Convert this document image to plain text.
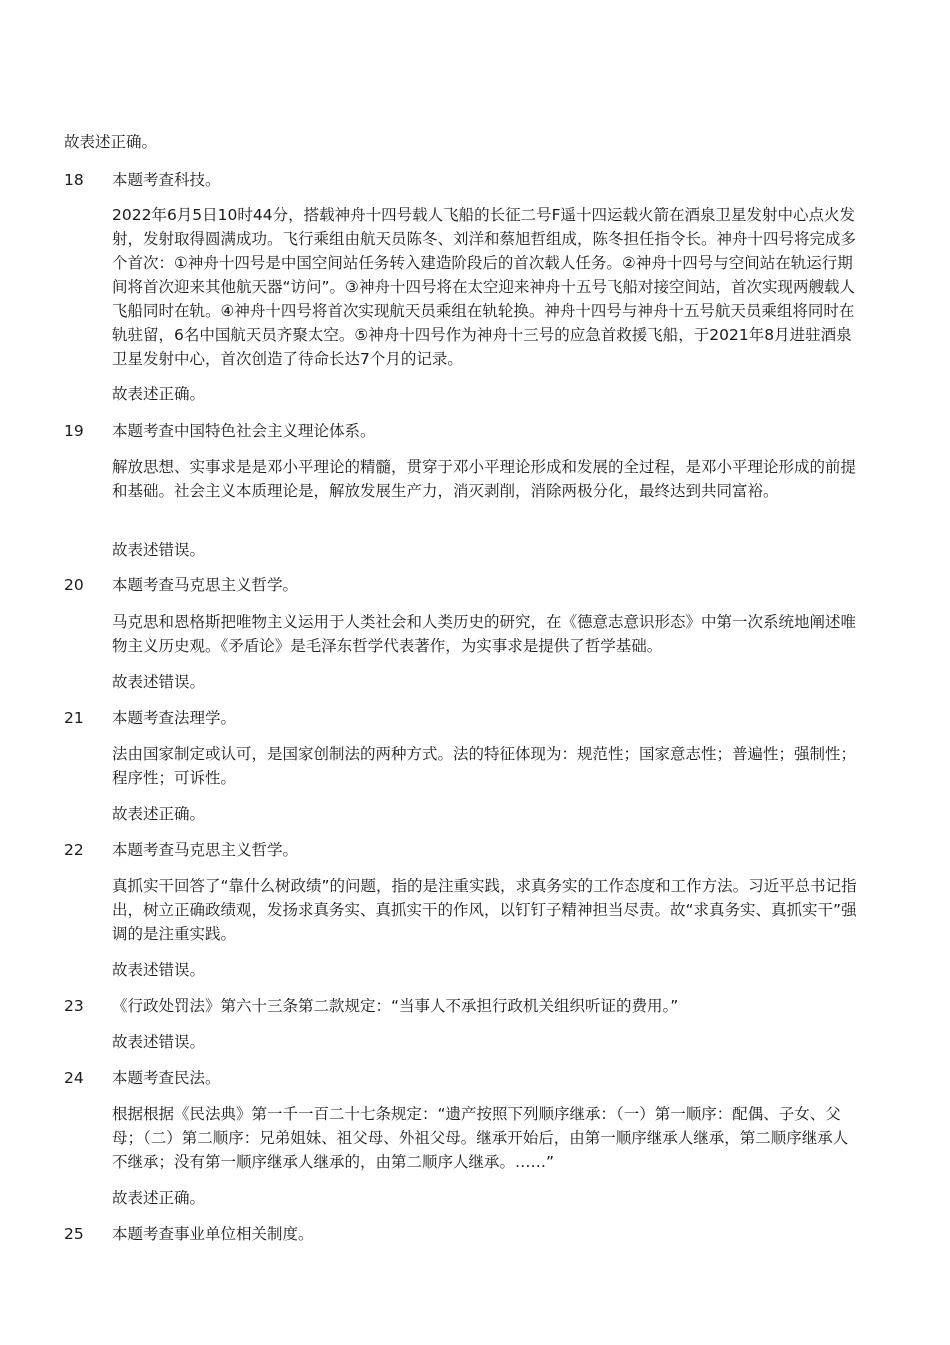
故表述正确。

18 本题考查科技。

2022年6月5日10时44分，搭载神舟十四号载人飞船的长征二号F遥十四运载火箭在酒泉卫星发射中心点火发射，发射取得圆满成功。飞行乘组由航天员陈冬、刘洋和蔡旭哲组成，陈冬担任指令长。神舟十四号将完成多个首次：①神舟十四号是中国空间站任务转入建造阶段后的首次载人任务。②神舟十四号与空间站在轨运行期间将首次迎来其他航天器“访问”。③神舟十四号将在太空迎来神舟十五号飞船对接空间站，首次实现两艘载人飞船同时在轨。④神舟十四号将首次实现航天员乘组在轨轮换。神舟十四号与神舟十五号航天员乘组将同时在轨驻留，6名中国航天员齐聚太空。⑤神舟十四号作为神舟十三号的应急首救援飞船，于2021年8月进驻酒泉卫星发射中心，首次创造了待命长达7个月的记录。

故表述正确。

19 本题考查中国特色社会主义理论体系。

解放思想、实事求是是邓小平理论的精髓，贯穿于邓小平理论形成和发展的全过程，是邓小平理论形成的前提和基础。社会主义本质理论是，解放发展生产力，消灭剥削，消除两极分化，最终达到共同富裕。

故表述错误。

20 本题考查马克思主义哲学。

马克思和恩格斯把唯物主义运用于人类社会和人类历史的研究，在《德意志意识形态》中第一次系统地阐述唯物主义历史观。《矛盾论》是毛泽东哲学代表著作，为实事求是提供了哲学基础。

故表述错误。

21 本题考查法理学。

法由国家制定或认可，是国家创制法的两种方式。法的特征体现为：规范性；国家意志性；普遍性；强制性；程序性；可诉性。

故表述正确。

22 本题考查马克思主义哲学。

真抓实干回答了“靠什么树政绩”的问题，指的是注重实践，求真务实的工作态度和工作方法。习近平总书记指出，树立正确政绩观，发扬求真务实、真抓实干的作风，以钉钉子精神担当尽责。故“求真务实、真抓实干”强调的是注重实践。

故表述错误。

23 《行政处罚法》第六十三条第二款规定：“当事人不承担行政机关组织听证的费用。”

故表述错误。

24 本题考查民法。

根据根据《民法典》第一千一百二十七条规定：“遗产按照下列顺序继承：（一）第一顺序：配偶、子女、父母；（二）第二顺序：兄弟姐妹、祖父母、外祖父母。继承开始后，由第一顺序继承人继承，第二顺序继承人不继承；没有第一顺序继承人继承的，由第二顺序人继承。……”

故表述正确。

25 本题考查事业单位相关制度。
